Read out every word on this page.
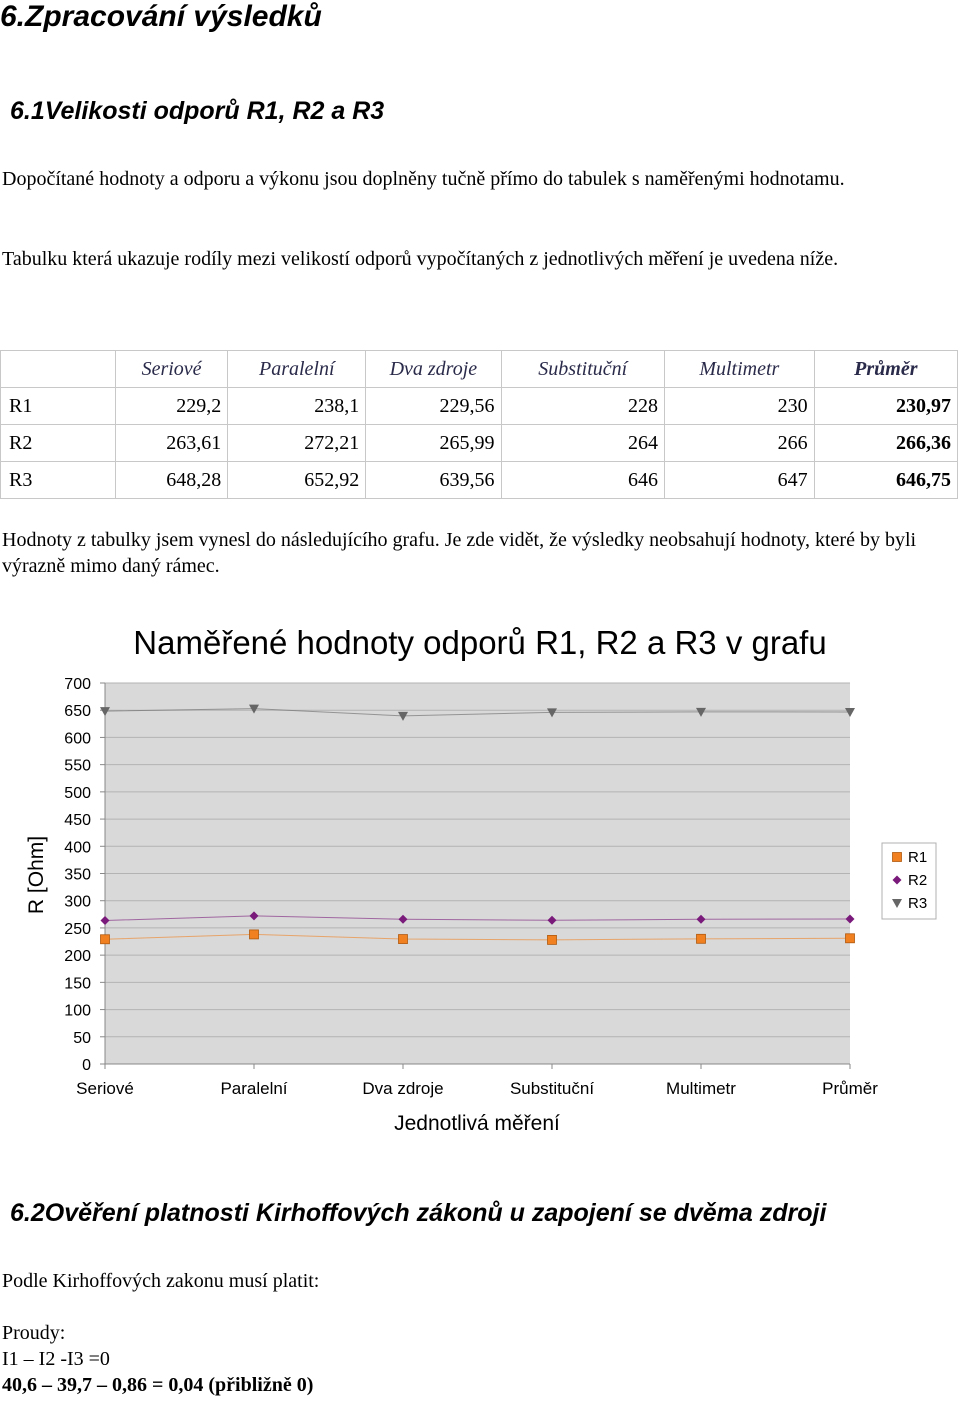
6.Zpracování výsledků
6.1Velikosti odporů R1, R2 a R3

Dopočítané hodnoty a odporu a výkonu jsou doplněny tučně přímo do tabulek s naměřenými hodnotamu.

Tabulku která ukazuje rodíly mezi velikostí odporů vypočítaných z jednotlivých měření je uvedena níže.

	Seriové	Paralelní	Dva zdroje	Substituční	Multimetr	Průměr
R1	229,2	238,1	229,56	228	230	230,97
R2	263,61	272,21	265,99	264	266	266,36
R3	648,28	652,92	639,56	646	647	646,75

Hodnoty z tabulky jsem vynesl do následujícího grafu. Je zde vidět, že výsledky neobsahují hodnoty, které by byli výrazně mimo daný rámec.

Naměřené hodnoty odporů R1, R2 a R3 v grafu
0
50
100
150
200
250
300
350
400
450
500
550
600
650
700
Seriové	Paralelní	Dva zdroje	Substituční	Multimetr	Průměr
R [Ohm]
Jednotlivá měření
R1
R2
R3
6.2Ověření platnosti Kirhoffových zákonů u zapojení se dvěma zdroji

Podle Kirhoffových zakonu musí platit:

Proudy:

I1 – I2 -I3 =0

40,6 – 39,7 – 0,86 = 0,04 (přibližně 0)
